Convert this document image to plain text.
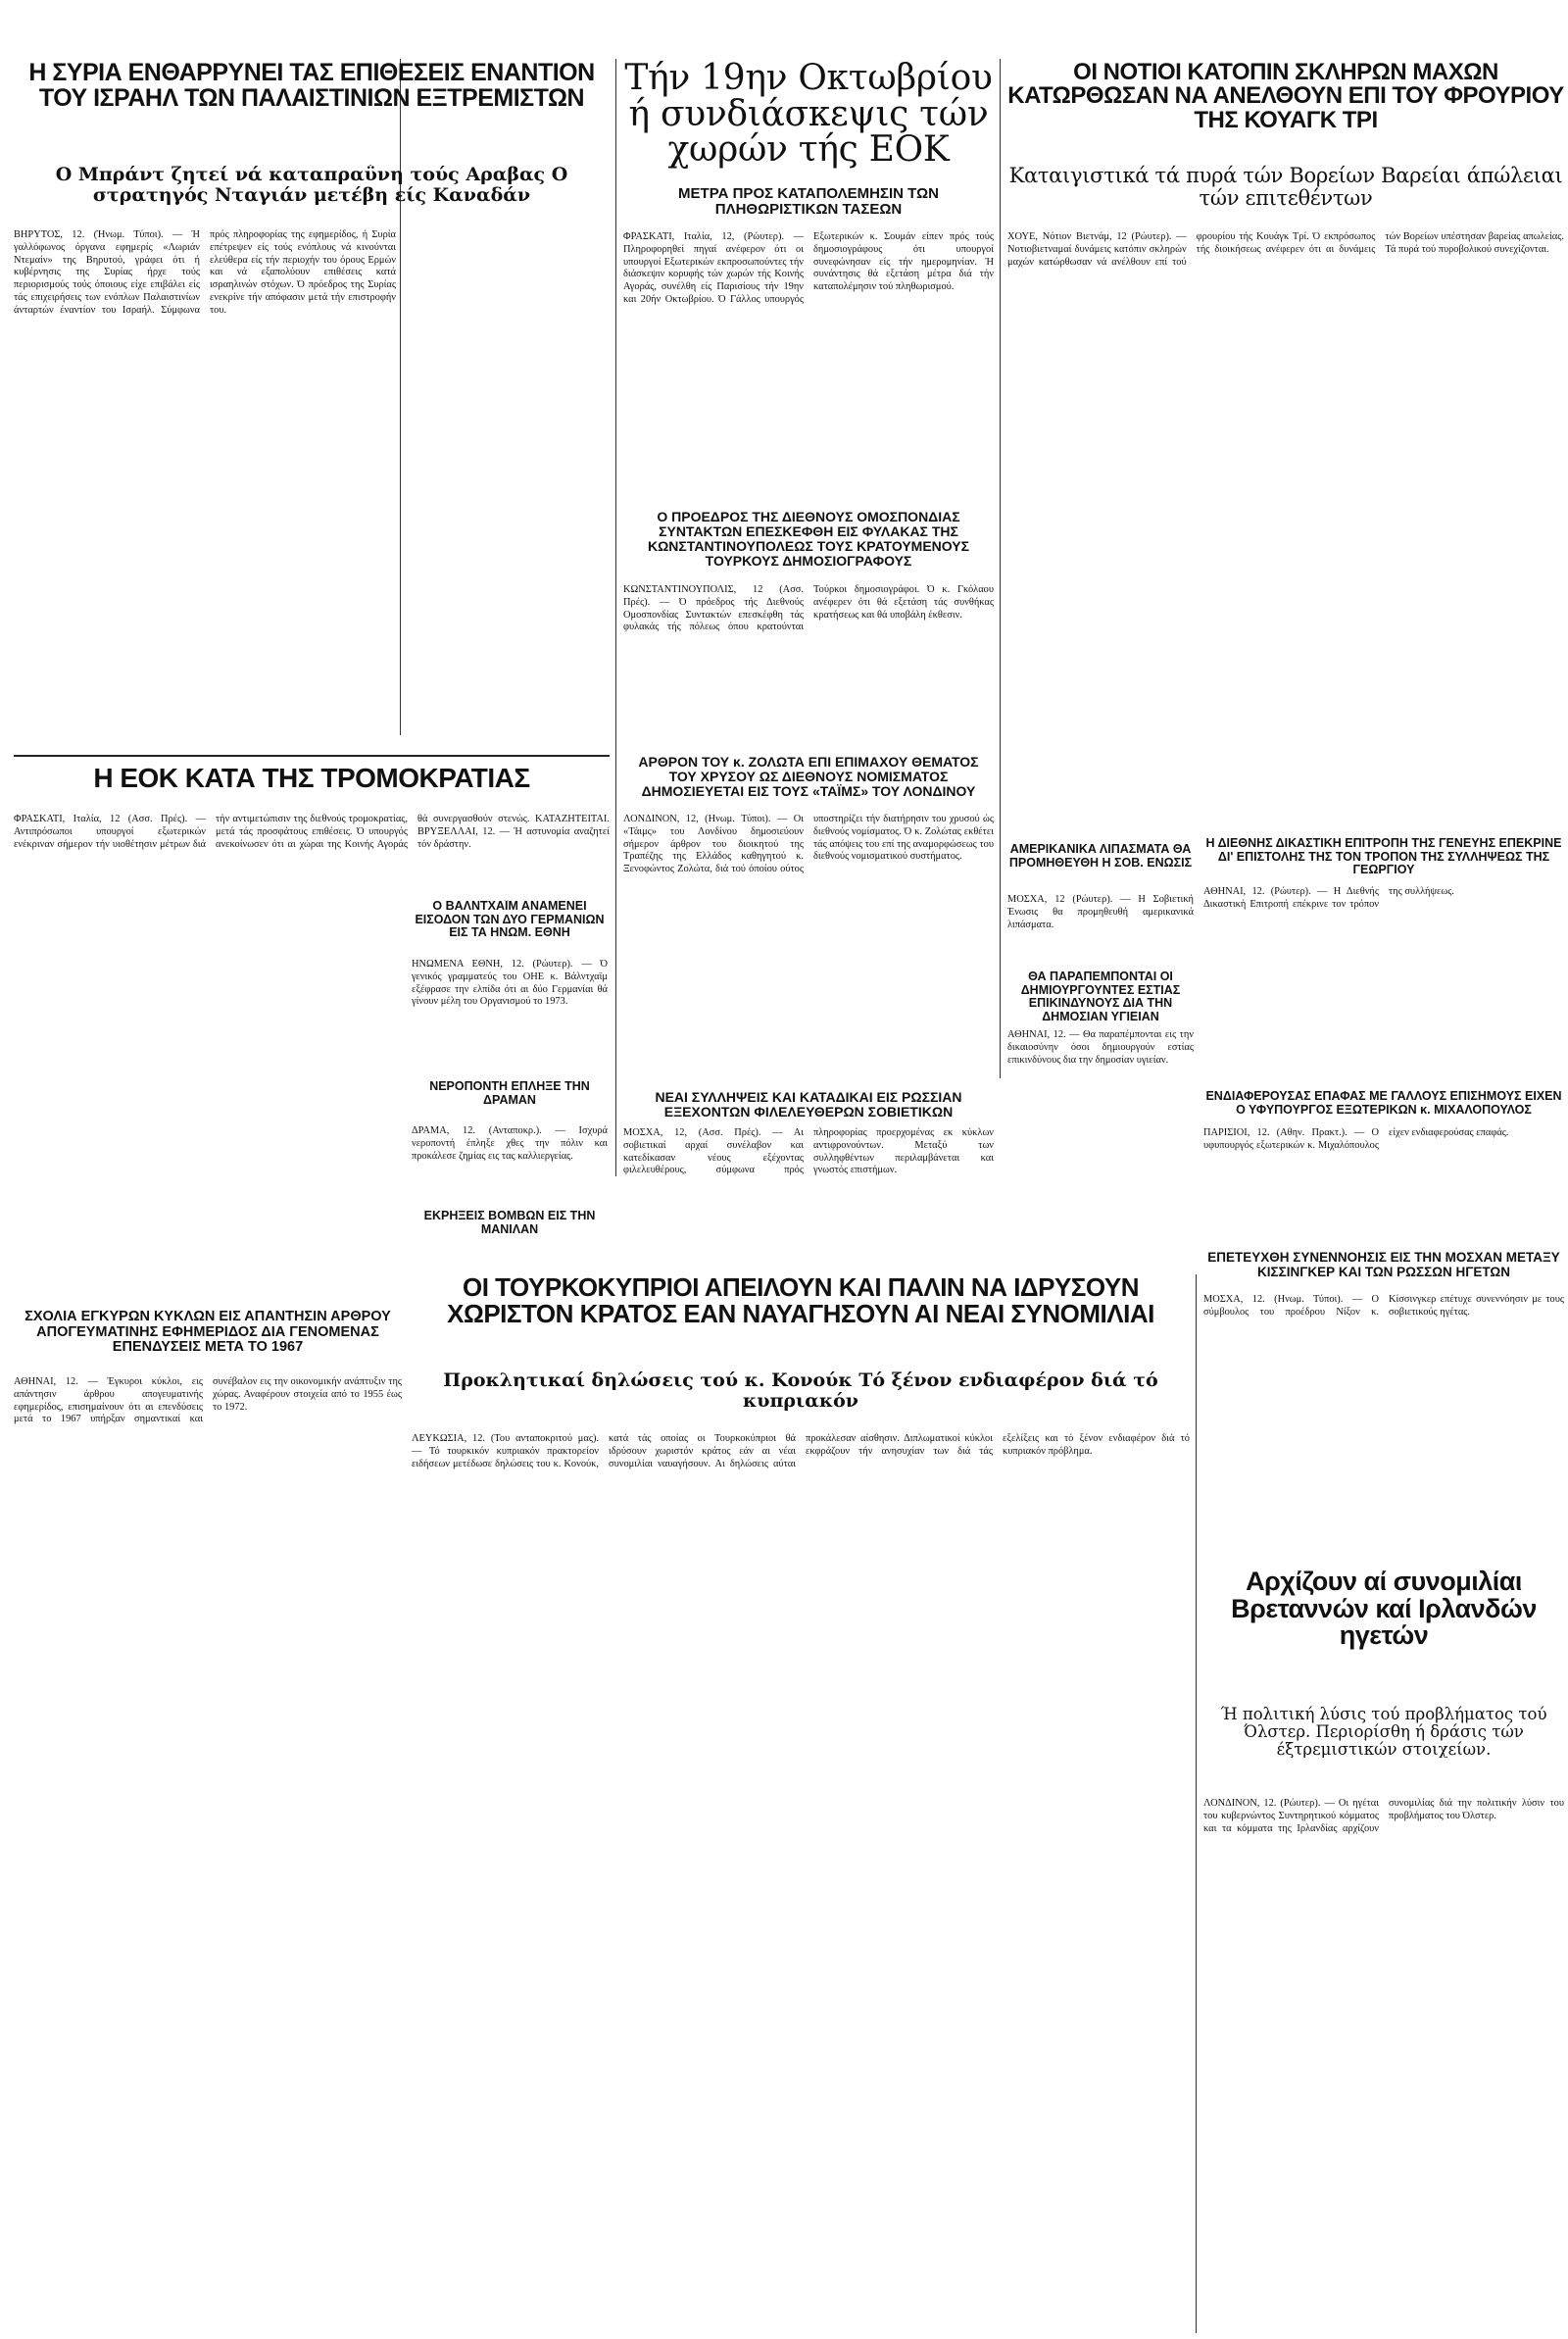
Η ΣΥΡΙΑ ΕΝΘΑΡΡΥΝΕΙ ΤΑΣ ΕΠΙΘΕΣΕΙΣ ΕΝΑΝΤΙΟΝ ΤΟΥ ΙΣΡΑΗΛ ΤΩΝ ΠΑΛΑΙΣΤΙΝΙΩΝ ΕΞΤΡΕΜΙΣΤΩΝ
Ο Μπράντ ζητεί νά καταπραΰνη τούς Αραβας Ο στρατηγός Νταγιάν μετέβη είς Καναδάν
ΒΗΡΥΤΟΣ, 12. (Ήνωμ. Τύποι). — Ή γαλλόφωνος όργανα εφημερίς «Λωριάν Ντεμαίν» της Βηρυτού, γράφει ότι ή κυβέρνησις της Συρίας ήρχε τούς περιορισμούς τούς όποιους είχε επιβάλει είς τάς επιχειρήσεις των ενόπλων Παλαιστινίων άνταρτών έναντίον του Ισραήλ. Σύμφωνα πρός πληροφορίας της εφημερίδος, ή Συρία επέτρεψεν είς τούς ενόπλους νά κινούνται ελεύθερα είς τήν περιοχήν του όρους Ερμών και νά εξαπολύουν επιθέσεις κατά ισραηλινών στόχων. Ό πρόεδρος της Συρίας ενεκρίνε τήν απόφασιν μετά τήν επιστροφήν του.
Τήν 19ην Οκτωβρίου ή συνδιάσκεψις τών χωρών τής ΕΟΚ
ΜΕΤΡΑ ΠΡΟΣ ΚΑΤΑΠΟΛΕΜΗΣΙΝ ΤΩΝ ΠΛΗΘΩΡΙΣΤΙΚΩΝ ΤΑΣΕΩΝ
ΦΡΑΣΚΑΤΙ, Ιταλία, 12, (Ρώυτερ). — Πληροφορηθεί πηγαί ανέφερον ότι οι υπουργοί Εξωτερικών εκπροσωπούντες τήν διάσκεψιν κορυφής τών χωρών τής Κοινής Αγοράς, συνέλθη είς Παρισίους τήν 19ην και 20ήν Οκτωβρίου. Ό Γάλλος υπουργός Εξωτερικών κ. Σουμάν είπεν πρός τούς δημοσιογράφους ότι υπουργοί συνεφώνησαν είς τήν ημερομηνίαν. Ή συνάντησις θά εξετάση μέτρα διά τήν καταπολέμησιν τού πληθωρισμού.
ΟΙ ΝΟΤΙΟΙ ΚΑΤΟΠΙΝ ΣΚΛΗΡΩΝ ΜΑΧΩΝ ΚΑΤΩΡΘΩΣΑΝ ΝΑ ΑΝΕΛΘΟΥΝ ΕΠΙ ΤΟΥ ΦΡΟΥΡΙΟΥ ΤΗΣ ΚΟΥΑΓΚ ΤΡΙ
Καταιγιστικά τά πυρά τών Βορείων Βαρείαι άπώλειαι τών επιτεθέντων
ΧΟΥΕ, Νότιον Βιετνάμ, 12 (Ρώυτερ). — Νοτιοβιετναμαί δυνάμεις κατόπιν σκληρών μαχών κατώρθωσαν νά ανέλθουν επί τού φρουρίου τής Κουάγκ Τρί. Ό εκπρόσωπος τής διοικήσεως ανέφερεν ότι αι δυνάμεις τών Βορείων υπέστησαν βαρείας απωλείας. Τά πυρά τού πυροβολικού συνεχίζονται.
Η ΕΟΚ ΚΑΤΑ ΤΗΣ ΤΡΟΜΟΚΡΑΤΙΑΣ
ΦΡΑΣΚΑΤΙ, Ιταλία, 12 (Ασσ. Πρές). — Αντιπρόσωποι υπουργοί εξωτερικών ενέκριναν σήμερον τήν υιοθέτησιν μέτρων διά τήν αντιμετώπισιν της διεθνούς τρομοκρατίας, μετά τάς προσφάτους επιθέσεις. Ό υπουργός ανεκοίνωσεν ότι αι χώραι της Κοινής Αγοράς θά συνεργασθούν στενώς. ΚΑΤΑΖΗΤΕΙΤΑΙ. ΒΡΥΞΕΛΛΑΙ, 12. — Ή αστυνομία αναζητεί τόν δράστην.
Ο ΠΡΟΕΔΡΟΣ ΤΗΣ ΔΙΕΘΝΟΥΣ ΟΜΟΣΠΟΝΔΙΑΣ ΣΥΝΤΑΚΤΩΝ ΕΠΕΣΚΕΦΘΗ ΕΙΣ ΦΥΛΑΚΑΣ ΤΗΣ ΚΩΝΣΤΑΝΤΙΝΟΥΠΟΛΕΩΣ ΤΟΥΣ ΚΡΑΤΟΥΜΕΝΟΥΣ ΤΟΥΡΚΟΥΣ ΔΗΜΟΣΙΟΓΡΑΦΟΥΣ
ΚΩΝΣΤΑΝΤΙΝΟΥΠΟΛΙΣ, 12 (Ασσ. Πρές). — Ό πρόεδρος τής Διεθνούς Ομοσπονδίας Συντακτών επεσκέφθη τάς φυλακάς τής πόλεως όπου κρατούνται Τούρκοι δημοσιογράφοι. Ό κ. Γκόλαου ανέφερεν ότι θά εξετάση τάς συνθήκας κρατήσεως και θά υποβάλη έκθεσιν.
ΑΡΘΡΟΝ ΤΟΥ κ. ΖΟΛΩΤΑ ΕΠΙ ΕΠΙΜΑΧΟΥ ΘΕΜΑΤΟΣ ΤΟΥ ΧΡΥΣΟΥ ΩΣ ΔΙΕΘΝΟΥΣ ΝΟΜΙΣΜΑΤΟΣ ΔΗΜΟΣΙΕΥΕΤΑΙ ΕΙΣ ΤΟΥΣ «ΤΑΪΜΣ» ΤΟΥ ΛΟΝΔΙΝΟΥ
ΛΟΝΔΙΝΟΝ, 12, (Ηνωμ. Τύποι). — Οι «Τάιμς» του Λονδίνου δημοσιεύουν σήμερον άρθρον του διοικητού της Τραπέζης της Ελλάδος καθηγητού κ. Ξενοφώντος Ζολώτα, διά τού όποίου ούτος υποστηρίζει τήν διατήρησιν του χρυσού ώς διεθνούς νομίσματος. Ό κ. Ζολώτας εκθέτει τάς απόψεις του επί της αναμορφώσεως του διεθνούς νομισματικού συστήματος.
ΝΕΑΙ ΣΥΛΛΗΨΕΙΣ ΚΑΙ ΚΑΤΑΔΙΚΑΙ ΕΙΣ ΡΩΣΣΙΑΝ ΕΞΕΧΟΝΤΩΝ ΦΙΛΕΛΕΥΘΕΡΩΝ ΣΟΒΙΕΤΙΚΩΝ
ΜΟΣΧΑ, 12, (Ασσ. Πρές). — Αι σοβιετικαί αρχαί συνέλαβον και κατεδίκασαν νέους εξέχοντας φιλελευθέρους, σύμφωνα πρός πληροφορίας προερχομένας εκ κύκλων αντιφρονούντων. Μεταξύ των συλληφθέντων περιλαμβάνεται και γνωστός επιστήμων.
Ο ΒΑΛΝΤΧΑΪΜ ΑΝΑΜΕΝΕΙ ΕΙΣΟΔΟΝ ΤΩΝ ΔΥΟ ΓΕΡΜΑΝΙΩΝ ΕΙΣ ΤΑ ΗΝΩΜ. ΕΘΝΗ
ΗΝΩΜΕΝΑ ΕΘΝΗ, 12. (Ρώυτερ). — Ό γενικός γραμματεύς του ΟΗΕ κ. Βάλντχαϊμ εξέφρασε την ελπίδα ότι αι δύο Γερμανίαι θά γίνουν μέλη του Οργανισμού το 1973.
ΝΕΡΟΠΟΝΤΗ ΕΠΛΗΞΕ ΤΗΝ ΔΡΑΜΑΝ
ΔΡΑΜΑ, 12. (Ανταποκρ.). — Ισχυρά νεροποντή έπληξε χθες την πόλιν και προκάλεσε ζημίας εις τας καλλιεργείας.
ΕΚΡΗΞΕΙΣ ΒΟΜΒΩΝ ΕΙΣ ΤΗΝ ΜΑΝΙΛΑΝ
ΑΜΕΡΙΚΑΝΙΚΑ ΛΙΠΑΣΜΑΤΑ ΘΑ ΠΡΟΜΗΘΕΥΘΗ Η ΣΟΒ. ΕΝΩΣΙΣ
ΜΟΣΧΑ, 12 (Ρώυτερ). — Η Σοβιετική Ένωσις θα προμηθευθή αμερικανικά λιπάσματα.
ΘΑ ΠΑΡΑΠΕΜΠΟΝΤΑΙ ΟΙ ΔΗΜΙΟΥΡΓΟΥΝΤΕΣ ΕΣΤΙΑΣ ΕΠΙΚΙΝΔΥΝΟΥΣ ΔΙΑ ΤΗΝ ΔΗΜΟΣΙΑΝ ΥΓΙΕΙΑΝ
ΑΘΗΝΑΙ, 12. — Θα παραπέμπονται εις την δικαιοσύνην όσοι δημιουργούν εστίας επικινδύνους δια την δημοσίαν υγιείαν.
Η ΔΙΕΘΝΗΣ ΔΙΚΑΣΤΙΚΗ ΕΠΙΤΡΟΠΗ ΤΗΣ ΓΕΝΕΥΗΣ ΕΠΕΚΡΙΝΕ ΔΙ' ΕΠΙΣΤΟΛΗΣ ΤΗΣ ΤΟΝ ΤΡΟΠΟΝ ΤΗΣ ΣΥΛΛΗΨΕΩΣ ΤΗΣ ΓΕΩΡΓΙΟΥ
ΑΘΗΝΑΙ, 12. (Ρώυτερ). — Η Διεθνής Δικαστική Επιτροπή επέκρινε τον τρόπον της συλλήψεως.
ΕΝΔΙΑΦΕΡΟΥΣΑΣ ΕΠΑΦΑΣ ΜΕ ΓΑΛΛΟΥΣ ΕΠΙΣΗΜΟΥΣ ΕΙΧΕΝ Ο ΥΦΥΠΟΥΡΓΟΣ ΕΞΩΤΕΡΙΚΩΝ κ. ΜΙΧΑΛΟΠΟΥΛΟΣ
ΠΑΡΙΣΙΟΙ, 12. (Αθην. Πρακτ.). — Ο υφυπουργός εξωτερικών κ. Μιχαλόπουλος είχεν ενδιαφερούσας επαφάς.
ΕΠΕΤΕΥΧΘΗ ΣΥΝΕΝΝΟΗΣΙΣ ΕΙΣ ΤΗΝ ΜΟΣΧΑΝ ΜΕΤΑΞΥ ΚΙΣΣΙΝΓΚΕΡ ΚΑΙ ΤΩΝ ΡΩΣΣΩΝ ΗΓΕΤΩΝ
ΜΟΣΧΑ, 12. (Ηνωμ. Τύποι). — Ο σύμβουλος του προέδρου Νίξον κ. Κίσσινγκερ επέτυχε συνεννόησιν με τους σοβιετικούς ηγέτας.
ΟΙ ΤΟΥΡΚΟΚΥΠΡΙΟΙ ΑΠΕΙΛΟΥΝ ΚΑΙ ΠΑΛΙΝ ΝΑ ΙΔΡΥΣΟΥΝ ΧΩΡΙΣΤΟΝ ΚΡΑΤΟΣ ΕΑΝ ΝΑΥΑΓΗΣΟΥΝ ΑΙ ΝΕΑΙ ΣΥΝΟΜΙΛΙΑΙ
Προκλητικαί δηλώσεις τού κ. Κονούκ Τό ξένον ενδιαφέρον διά τό κυπριακόν
ΛΕΥΚΩΣΙΑ, 12. (Του ανταποκριτού μας). — Τό τουρκικόν κυπριακόν πρακτορείον ειδήσεων μετέδωσε δηλώσεις του κ. Κονούκ, κατά τάς οποίας οι Τουρκοκύπριοι θά ιδρύσουν χωριστόν κράτος εάν αι νέαι συνομιλίαι ναυαγήσουν. Αι δηλώσεις αύται προκάλεσαν αίσθησιν. Διπλωματικοί κύκλοι εκφράζουν τήν ανησυχίαν των διά τάς εξελίξεις και τό ξένον ενδιαφέρον διά τό κυπριακόν πρόβλημα.
ΣΧΟΛΙΑ ΕΓΚΥΡΩΝ ΚΥΚΛΩΝ ΕΙΣ ΑΠΑΝΤΗΣΙΝ ΑΡΘΡΟΥ ΑΠΟΓΕΥΜΑΤΙΝΗΣ ΕΦΗΜΕΡΙΔΟΣ ΔΙΑ ΓΕΝΟΜΕΝΑΣ ΕΠΕΝΔΥΣΕΙΣ ΜΕΤΑ ΤΟ 1967
ΑΘΗΝΑΙ, 12. — Έγκυροι κύκλοι, εις απάντησιν άρθρου απογευματινής εφημερίδος, επισημαίνουν ότι αι επενδύσεις μετά το 1967 υπήρξαν σημαντικαί και συνέβαλον εις την οικονομικήν ανάπτυξιν της χώρας. Αναφέρουν στοιχεία από το 1955 έως το 1972.
Αρχίζουν αί συνομιλίαι Βρεταννών καί Ιρλανδών ηγετών
Ή πολιτική λύσις τού προβλήματος τού Όλστερ. Περιορίσθη ή δράσις τών έξτρεμιστικών στοιχείων.
ΛΟΝΔΙΝΟΝ, 12. (Ρώυτερ). — Οι ηγέται του κυβερνώντος Συντηρητικού κόμματος και τα κόμματα της Ιρλανδίας αρχίζουν συνομιλίας διά την πολιτικήν λύσιν του προβλήματος του Όλστερ.
